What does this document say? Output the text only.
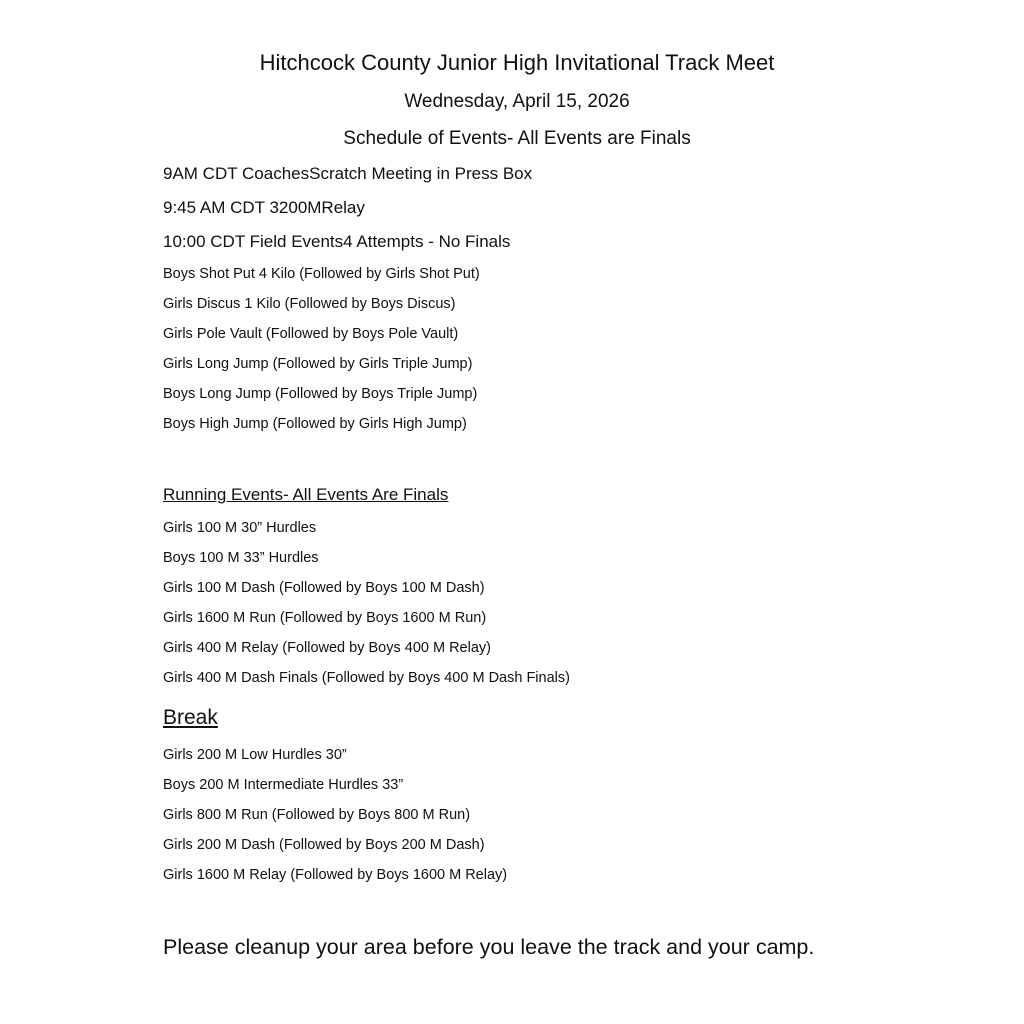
Hitchcock County Junior High Invitational Track Meet
Wednesday, April 15, 2026
Schedule of Events- All Events are Finals
9AM CDT CoachesScratch Meeting in Press Box
9:45 AM CDT 3200MRelay
10:00 CDT Field Events4 Attempts - No Finals
Boys Shot Put 4 Kilo (Followed by Girls Shot Put)
Girls Discus 1 Kilo (Followed by Boys Discus)
Girls Pole Vault (Followed by Boys Pole Vault)
Girls Long Jump (Followed by Girls Triple Jump)
Boys Long Jump (Followed by Boys Triple Jump)
Boys High Jump (Followed by Girls High Jump)
Running Events- All Events Are Finals
Girls 100 M 30” Hurdles
Boys 100 M 33” Hurdles
Girls 100 M Dash (Followed by Boys 100 M Dash)
Girls 1600 M Run (Followed by Boys 1600 M Run)
Girls 400 M Relay (Followed by Boys 400 M Relay)
Girls 400 M Dash Finals (Followed by Boys 400 M Dash Finals)
Break
Girls 200 M Low Hurdles 30”
Boys 200 M Intermediate Hurdles 33”
Girls 800 M Run (Followed by Boys 800 M Run)
Girls 200 M Dash (Followed by Boys 200 M Dash)
Girls 1600 M Relay (Followed by Boys 1600 M Relay)
Please cleanup your area before you leave the track and your camp.
